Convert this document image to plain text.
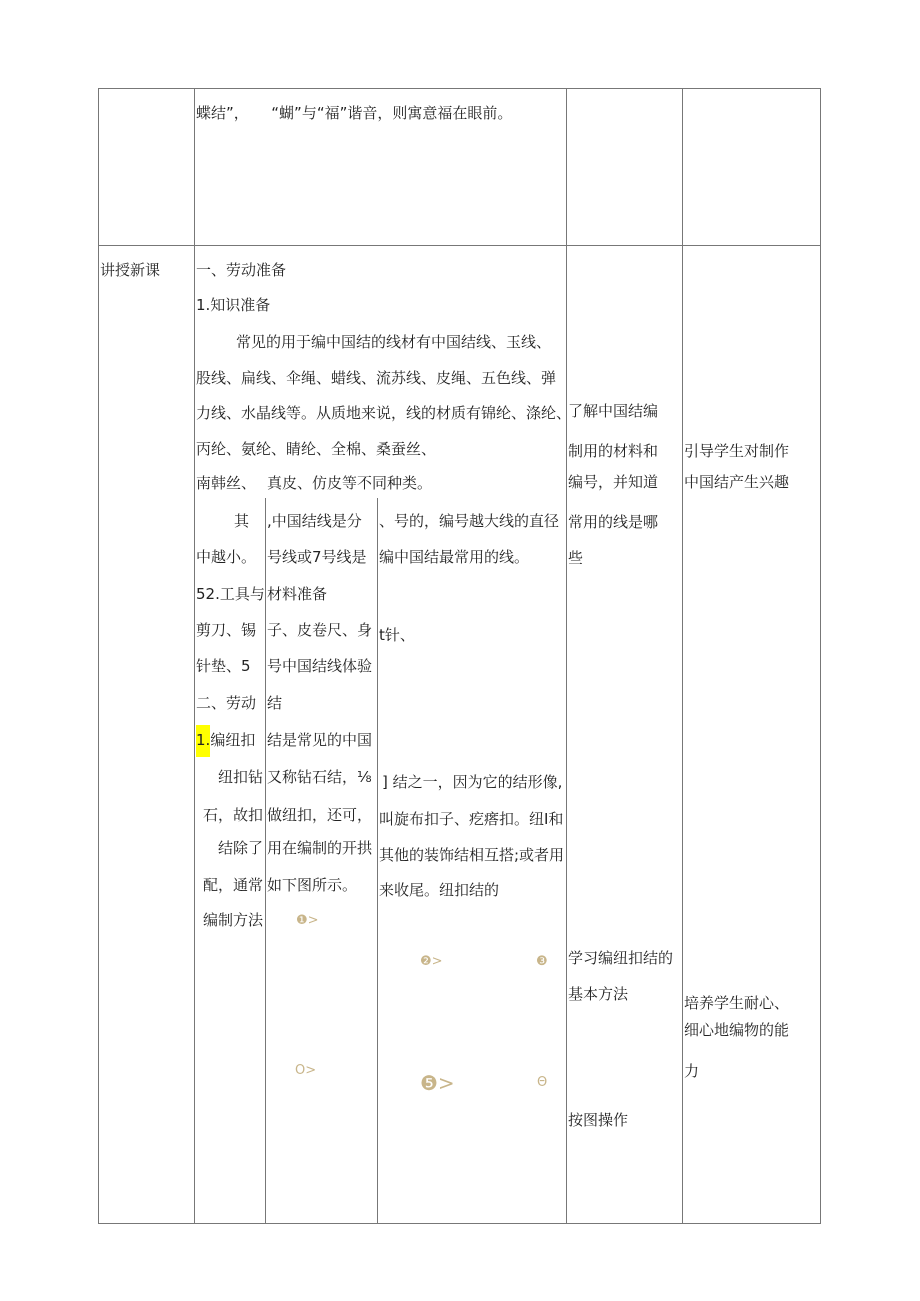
蝶结”，　　“蝴”与“福”谐音，则寓意福在眼前。
讲授新课 一、劳动准备
1.知识准备
常见的用于编中国结的线材有中国结线、玉线、
股线、扁线、伞绳、蜡线、流苏线、皮绳、五色线、弹
力线、水晶线等。从质地来说，线的材质有锦纶、涤纶、
丙纶、氨纶、睛纶、全棉、桑蚕丝、
南韩丝、 真皮、仿皮等不同种类。
其
中越小。
52.工具与
剪刀、锡
针垫、5
二、劳动
1.编纽扣
纽扣钻
石，故扣
结除了
配，通常
编制方法
,中国结线是分
号线或7号线是
材料准备
子、皮卷尺、身
号中国结线体验
结
结是常见的中国
又称钻石结，⅛
做纽扣，还可，
用在编制的开拱
如下图所示。
、号的，编号越大线的直径
编中国结最常用的线。
t针、
] 结之一，因为它的结形像,
叫旋布扣子、疙瘩扣。纽I和
其他的装饰结相互搭;或者用
来收尾。纽扣结的
❶>
❷>	❸
O>
❺>	Θ
了解中国结编
制用的材料和
编号，并知道
常用的线是哪
些
学习编纽扣结的
基本方法
按图操作
引导学生对制作
中国结产生兴趣
培养学生耐心、
细心地编物的能
力
